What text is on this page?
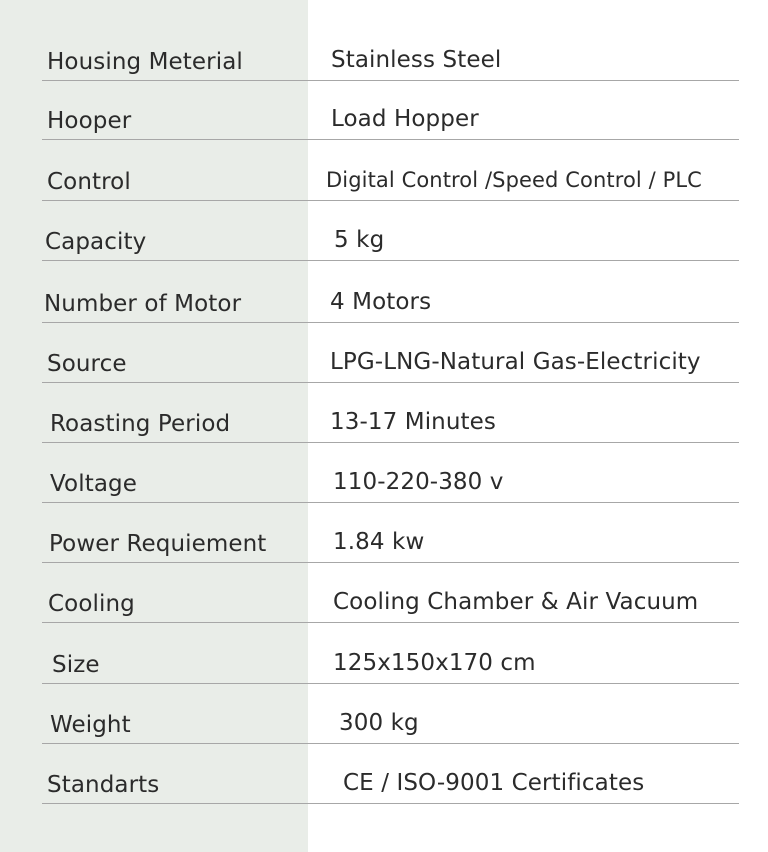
Housing Meterial	Stainless Steel
Hooper	Load Hopper
Control	Digital Control /Speed Control / PLC
Capacity	5 kg
Number of Motor	4 Motors
Source	LPG-LNG-Natural Gas-Electricity
Roasting Period	13-17 Minutes
Voltage	110-220-380 v
Power Requiement	1.84 kw
Cooling	Cooling Chamber & Air Vacuum
Size	125x150x170 cm
Weight	300 kg
Standarts	CE / ISO-9001 Certificates
